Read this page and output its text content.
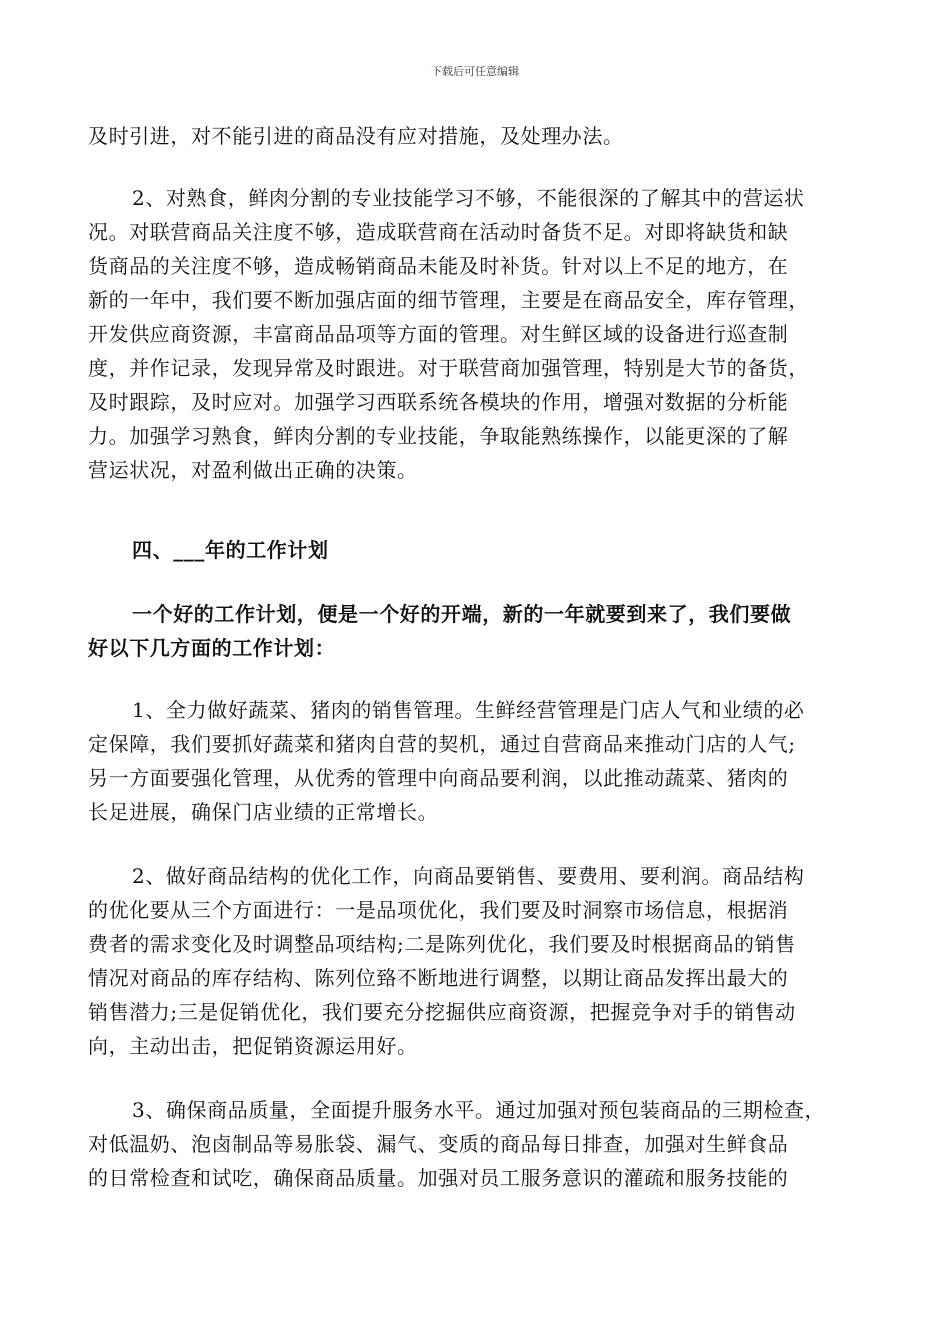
下载后可任意编辑
及时引进，对不能引进的商品没有应对措施，及处理办法。
2、对熟食，鲜肉分割的专业技能学习不够，不能很深的了解其中的营运状
况。对联营商品关注度不够，造成联营商在活动时备货不足。对即将缺货和缺
货商品的关注度不够，造成畅销商品未能及时补货。针对以上不足的地方，在
新的一年中，我们要不断加强店面的细节管理，主要是在商品安全，库存管理，
开发供应商资源，丰富商品品项等方面的管理。对生鲜区域的设备进行巡查制
度，并作记录，发现异常及时跟进。对于联营商加强管理，特别是大节的备货，
及时跟踪，及时应对。加强学习西联系统各模块的作用，增强对数据的分析能
力。加强学习熟食，鲜肉分割的专业技能，争取能熟练操作，以能更深的了解
营运状况，对盈利做出正确的决策。
四、___年的工作计划
一个好的工作计划，便是一个好的开端，新的一年就要到来了，我们要做
好以下几方面的工作计划：
1、全力做好蔬菜、猪肉的销售管理。生鲜经营管理是门店人气和业绩的必
定保障，我们要抓好蔬菜和猪肉自营的契机，通过自营商品来推动门店的人气;
另一方面要强化管理，从优秀的管理中向商品要利润，以此推动蔬菜、猪肉的
长足进展，确保门店业绩的正常增长。
2、做好商品结构的优化工作，向商品要销售、要费用、要利润。商品结构
的优化要从三个方面进行：一是品项优化，我们要及时洞察市场信息，根据消
费者的需求变化及时调整品项结构;二是陈列优化，我们要及时根据商品的销售
情况对商品的库存结构、陈列位臵不断地进行调整，以期让商品发挥出最大的
销售潜力;三是促销优化，我们要充分挖掘供应商资源，把握竞争对手的销售动
向，主动出击，把促销资源运用好。
3、确保商品质量，全面提升服务水平。通过加强对预包装商品的三期检查，
对低温奶、泡卤制品等易胀袋、漏气、变质的商品每日排查，加强对生鲜食品
的日常检查和试吃，确保商品质量。加强对员工服务意识的灌疏和服务技能的
